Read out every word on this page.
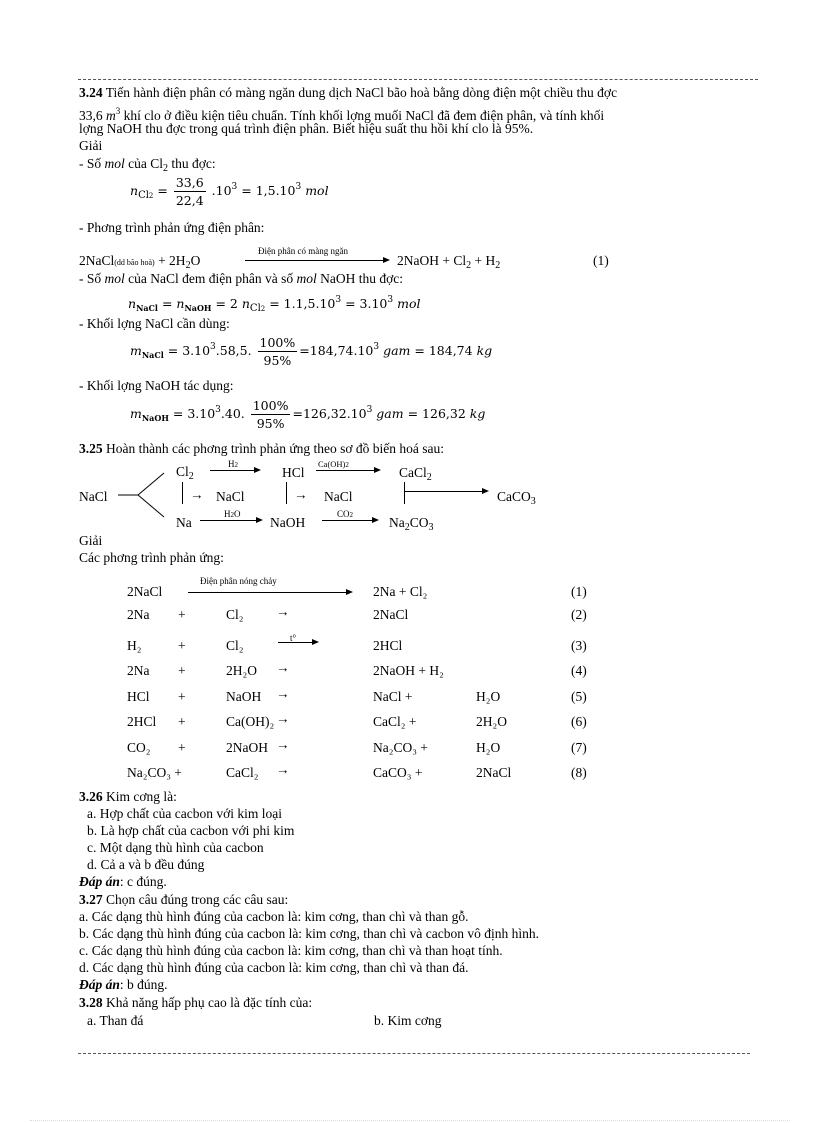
3.24 Tiến hành điện phân có màng ngăn dung dịch NaCl bão hoà bằng dòng điện một chiều thu đợc
33,6 $m^3$ khí clo ở điều kiện tiêu chuẩn. Tính khối lợng muối NaCl đã đem điện phân, và tính khối
lợng NaOH thu đợc trong quá trình điện phân. Biết hiệu suất thu hồi khí clo là 95%.
Giải
- Số mol của $Cl_2$ thu đợc:
$n_{Cl2} = \frac{33,6}{22,4} .10^3 = 1,5.10^3$ mol
- Phơng trình phản ứng điện phân:
Điện phân có màng ngăn
2NaCl(dd bão hoà) + $2H_2O$	2NaOH + $Cl_2 + H_2$	(1)
- Số mol của NaCl đem điện phân và số mol NaOH thu đợc:
$n_{NaCl} = n_{NaOH} = 2$ $n_{Cl2} = 1.1,5.10^3 = 3.10^3$ mol
- Khối lợng NaCl cần dùng:
$m_{NaCl} = 3.10^3.58,5$. $\frac{100\%}{95\%} =184,74.10^3$ gam = 184,74 kg
- Khối lợng NaOH tác dụng:
$m_{NaOH} = 3.10^3.40$. $\frac{100\%}{95\%} =126,32.10^3$ gam = 126,32 kg
3.25 Hoàn thành các phơng trình phản ứng theo sơ đồ biến hoá sau:
NaCl
$Cl_2$
H2	HCl
Ca(OH)2	CaCl$_2$
→ NaCl	→ NaCl	CaCO$_3$
Na
H2O
NaOH
CO2	$Na_2CO_3$
Giải
Các phơng trình phản ứng:
Điện phân nóng chảy
t°
2NaCl	2Na + Cl₂	(1)
2Na +	Cl₂	2NaCl	(2)
→
H₂	+	Cl₂	2HCl	(3)
2Na +	2H₂O	2NaOH + H₂	(4)
→
HCl +	NaOH	NaCl +	H₂O	(5)
→
2HCl +	Ca(OH)₂	CaCl₂ +	2H₂O	(6)
→
CO₂ +	2NaOH	Na₂CO₃ +	H₂O	(7)
→
Na₂CO₃ +	CaCl₂	CaCO₃ +	2NaCl	(8)
→
3.26 Kim cơng là:
a. Hợp chất của cacbon với kim loại
b. Là hợp chất của cacbon với phi kim
c. Một dạng thù hình của cacbon
d. Cả a và b đều đúng
Đáp án: c đúng.
3.27 Chọn câu đúng trong các câu sau:
a. Các dạng thù hình đúng của cacbon là: kim cơng, than chì và than gỗ.
b. Các dạng thù hình đúng của cacbon là: kim cơng, than chì và cacbon vô định hình.
c. Các dạng thù hình đúng của cacbon là: kim cơng, than chì và than hoạt tính.
d. Các dạng thù hình đúng của cacbon là: kim cơng, than chì và than đá.
Đáp án: b đúng.
3.28 Khả năng hấp phụ cao là đặc tính của:
a. Than đá	b. Kim cơng
